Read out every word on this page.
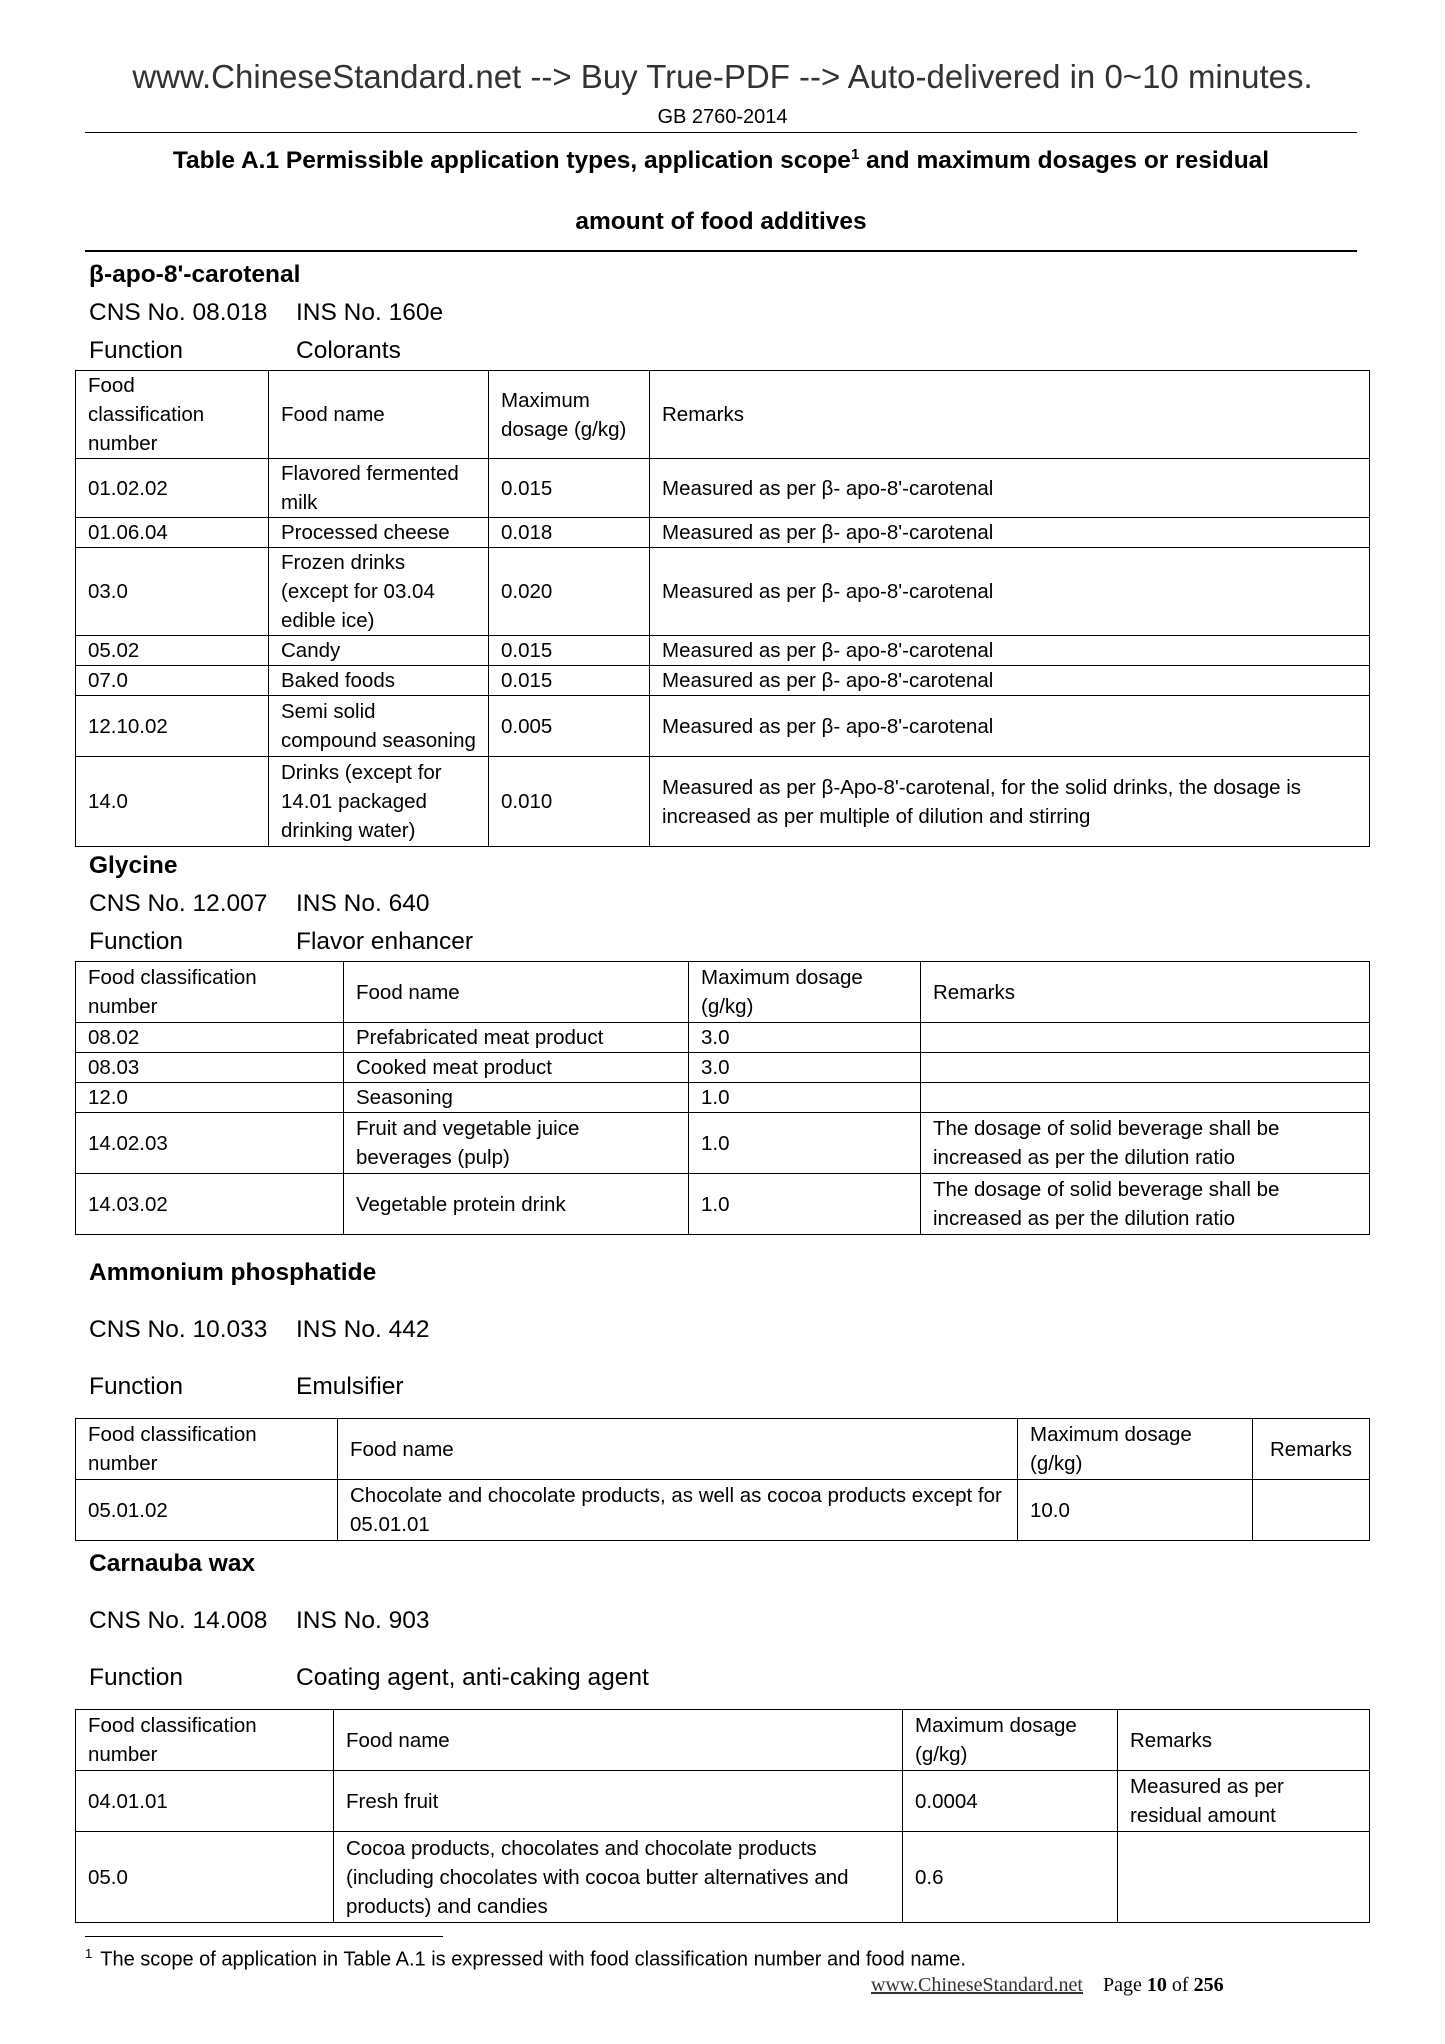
www.ChineseStandard.net --> Buy True-PDF --> Auto-delivered in 0~10 minutes.
GB 2760-2014
Table A.1 Permissible application types, application scope$^1$ and maximum dosages or residual
amount of food additives
β-apo-8'-carotenal
CNS No. 08.018 INS No. 160e
Function	Colorants
Food classification number	Food name	Maximum dosage (g/kg)	Remarks
01.02.02	Flavored fermented milk	0.015	Measured as per β- apo-8'-carotenal
01.06.04	Processed cheese	0.018	Measured as per β- apo-8'-carotenal
03.0	Frozen drinks (except for 03.04 edible ice)	0.020	Measured as per β- apo-8'-carotenal
05.02	Candy	0.015	Measured as per β- apo-8'-carotenal
07.0	Baked foods	0.015	Measured as per β- apo-8'-carotenal
12.10.02	Semi solid compound seasoning	0.005	Measured as per β- apo-8'-carotenal
14.0	Drinks (except for 14.01 packaged drinking water)	0.010	Measured as per β-Apo-8'-carotenal, for the solid drinks, the dosage is increased as per multiple of dilution and stirring
Glycine
CNS No. 12.007 INS No. 640
Function	Flavor enhancer
Food classification number	Food name	Maximum dosage (g/kg)	Remarks
08.02	Prefabricated meat product	3.0	
08.03	Cooked meat product	3.0	
12.0	Seasoning	1.0	
14.02.03	Fruit and vegetable juice beverages (pulp)	1.0	The dosage of solid beverage shall be increased as per the dilution ratio
14.03.02	Vegetable protein drink	1.0	The dosage of solid beverage shall be increased as per the dilution ratio
Ammonium phosphatide
CNS No. 10.033 INS No. 442
Function	Emulsifier
Food classification number	Food name	Maximum dosage (g/kg)	Remarks
05.01.02	Chocolate and chocolate products, as well as cocoa products except for 05.01.01	10.0	
Carnauba wax
CNS No. 14.008 INS No. 903
Function	Coating agent, anti-caking agent
Food classification number	Food name	Maximum dosage (g/kg)	Remarks
04.01.01	Fresh fruit	0.0004	Measured as per residual amount
05.0	Cocoa products, chocolates and chocolate products (including chocolates with cocoa butter alternatives and products) and candies	0.6	
$^1$ The scope of application in Table A.1 is expressed with food classification number and food name.
www.ChineseStandard.net Page 10 of 256
